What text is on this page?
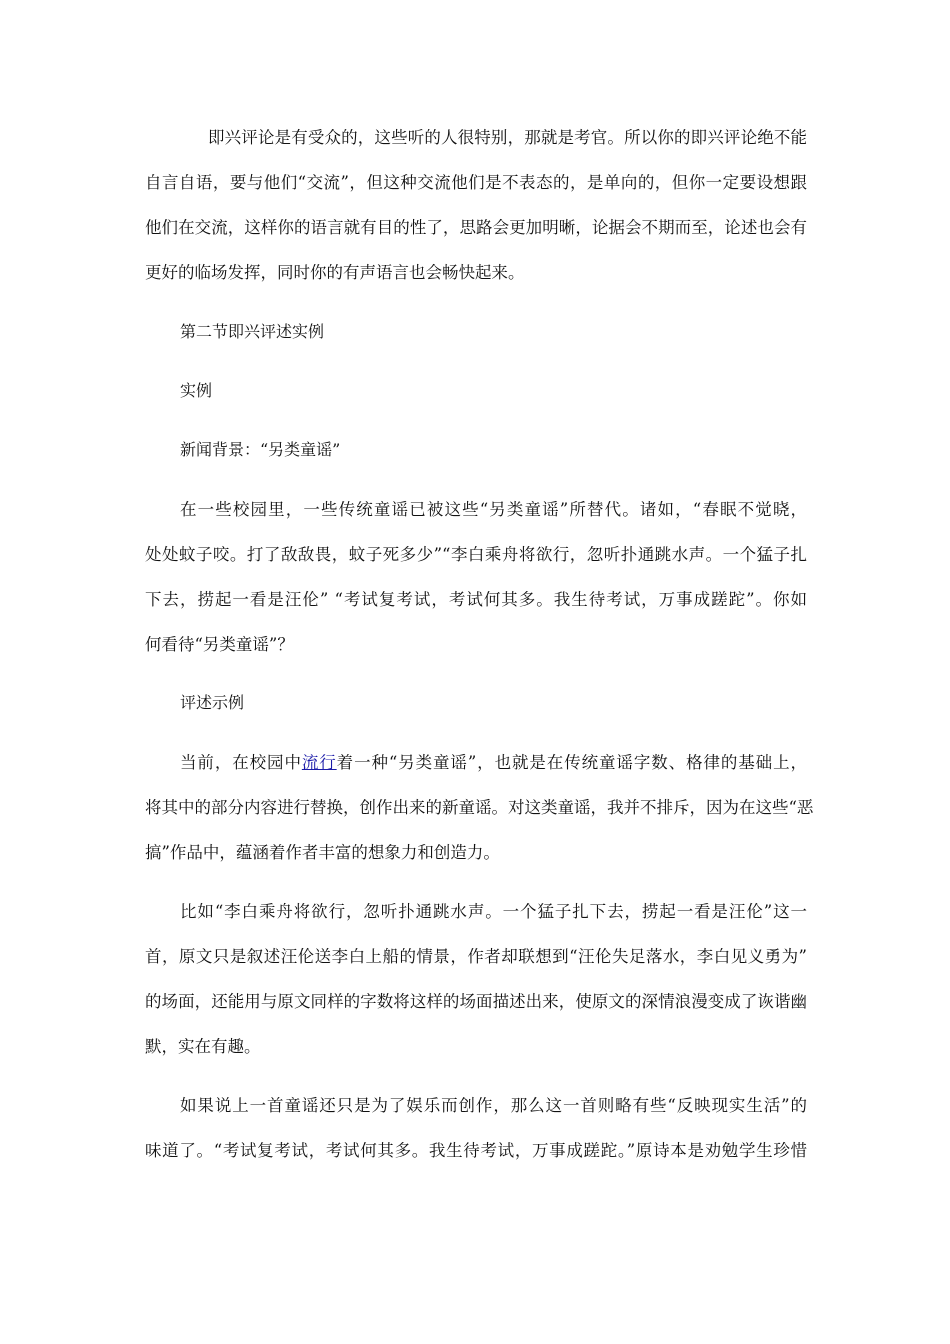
即兴评论是有受众的，这些听的人很特别，那就是考官。所以你的即兴评论绝不能
自言自语，要与他们“交流”，但这种交流他们是不表态的，是单向的，但你一定要设想跟
他们在交流，这样你的语言就有目的性了，思路会更加明晰，论据会不期而至，论述也会有
更好的临场发挥，同时你的有声语言也会畅快起来。
第二节即兴评述实例
实例
新闻背景：“另类童谣”
在一些校园里，一些传统童谣已被这些“另类童谣”所替代。诸如，“春眠不觉晓，
处处蚊子咬。打了敌敌畏，蚊子死多少”“李白乘舟将欲行，忽听扑通跳水声。一个猛子扎
下去，捞起一看是汪伦” “考试复考试，考试何其多。我生待考试，万事成蹉跎”。你如
何看待“另类童谣”？
评述示例
当前，在校园中流行着一种“另类童谣”，也就是在传统童谣字数、格律的基础上，
将其中的部分内容进行替换，创作出来的新童谣。对这类童谣，我并不排斥，因为在这些“恶
搞”作品中，蕴涵着作者丰富的想象力和创造力。
比如“李白乘舟将欲行，忽听扑通跳水声。一个猛子扎下去，捞起一看是汪伦”这一
首，原文只是叙述汪伦送李白上船的情景，作者却联想到“汪伦失足落水，李白见义勇为”
的场面，还能用与原文同样的字数将这样的场面描述出来，使原文的深情浪漫变成了诙谐幽
默，实在有趣。
如果说上一首童谣还只是为了娱乐而创作，那么这一首则略有些“反映现实生活”的
味道了。“考试复考试，考试何其多。我生待考试，万事成蹉跎。”原诗本是劝勉学生珍惜
